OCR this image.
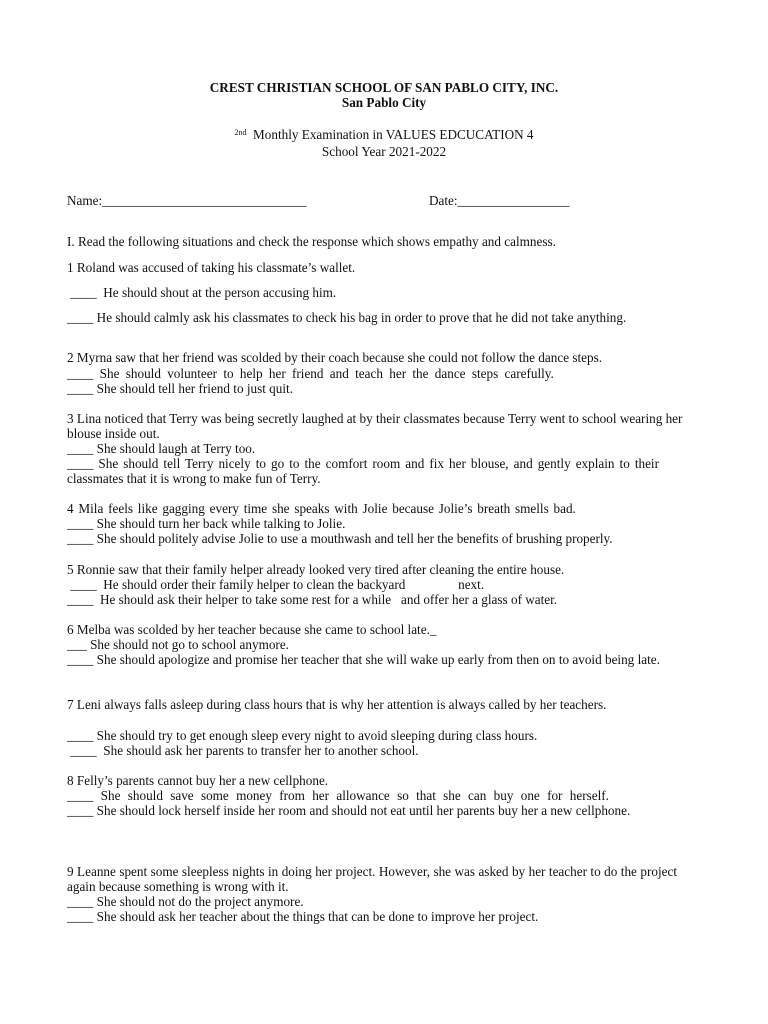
CREST CHRISTIAN SCHOOL OF SAN PABLO CITY, INC.
San Pablo City
$^{2nd}$ Monthly Examination in VALUES EDCUCATION 4
School Year 2021-2022
Name:_______________________________	Date:_________________
I. Read the following situations and check the response which shows empathy and calmness.
1 Roland was accused of taking his classmate’s wallet.
____  He should shout at the person accusing him.
____ He should calmly ask his classmates to check his bag in order to prove that he did not take anything.
2 Myrna saw that her friend was scolded by their coach because she could not follow the dance steps.
____ She should volunteer to help her friend and teach her the dance steps carefully.
____ She should tell her friend to just quit.
3 Lina noticed that Terry was being secretly laughed at by their classmates because Terry went to school wearing her blouse inside out.
____ She should laugh at Terry too.
____ She should tell Terry nicely to go to the comfort room and fix her blouse, and gently explain to their classmates that it is wrong to make fun of Terry.
4 Mila feels like gagging every time she speaks with Jolie because Jolie’s breath smells bad.
____ She should turn her back while talking to Jolie.
____ She should politely advise Jolie to use a mouthwash and tell her the benefits of brushing properly.
5 Ronnie saw that their family helper already looked very tired after cleaning the entire house.
____  He should order their family helper to clean the backyard                next.
____  He should ask their helper to take some rest for a while   and offer her a glass of water.
6 Melba was scolded by her teacher because she came to school late._
___ She should not go to school anymore.
____ She should apologize and promise her teacher that she will wake up early from then on to avoid being late.
7 Leni always falls asleep during class hours that is why her attention is always called by her teachers.
____ She should try to get enough sleep every night to avoid sleeping during class hours.
____  She should ask her parents to transfer her to another school.
8 Felly’s parents cannot buy her a new cellphone.
____ She should save some money from her allowance so that she can buy one for herself.
____ She should lock herself inside her room and should not eat until her parents buy her a new cellphone.
9 Leanne spent some sleepless nights in doing her project. However, she was asked by her teacher to do the project again because something is wrong with it.
____ She should not do the project anymore.
____ She should ask her teacher about the things that can be done to improve her project.
